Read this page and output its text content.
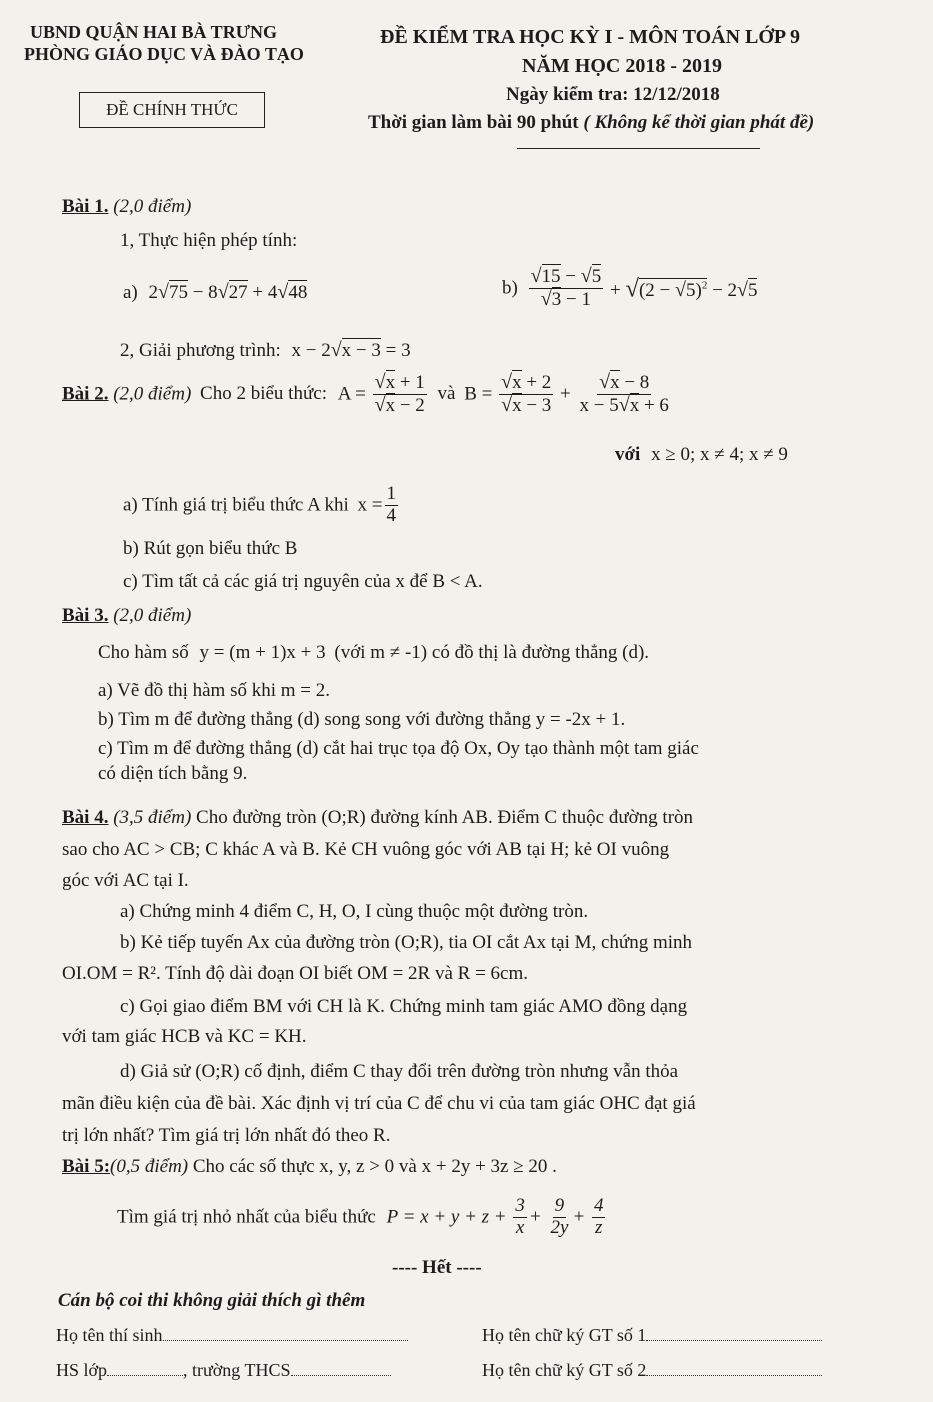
UBND QUẬN HAI BÀ TRƯNG
PHÒNG GIÁO DỤC VÀ ĐÀO TẠO
ĐỀ CHÍNH THỨC
ĐỀ KIỂM TRA HỌC KỲ I - MÔN TOÁN LỚP 9
NĂM HỌC 2018 - 2019
Ngày kiểm tra: 12/12/2018
Thời gian làm bài 90 phút ( Không kể thời gian phát đề)
Bài 1. (2,0 điểm)
1, Thực hiện phép tính:
a) 2√75 − 8√27 + 4√48	$b) \frac{√15 - √5}{√3 - 1} + √(2 - √5)^2 - 2√5$
2, Giải phương trình: x − 2√x − 3 = 3
Bài 2. (2,0 điểm) Cho 2 biểu thức: $A = \frac{√x + 1}{√x - 2}$ và $B = \frac{√x + 2}{√x - 3} + \frac{√x - 8}{x - 5√x + 6}$
với x ≥ 0; x ≠ 4; x ≠ 9
a) Tính giá trị biểu thức A khi $x = \frac{1}{4}$
b) Rút gọn biểu thức B
c) Tìm tất cả các giá trị nguyên của x để B < A.
Bài 3. (2,0 điểm)
Cho hàm số y = (m + 1)x + 3 (với m ≠ -1) có đồ thị là đường thẳng (d).
a) Vẽ đồ thị hàm số khi m = 2.
b) Tìm m để đường thẳng (d) song song với đường thẳng y = -2x + 1.
c) Tìm m để đường thẳng (d) cắt hai trục tọa độ Ox, Oy tạo thành một tam giác
có diện tích bằng 9.
Bài 4. (3,5 điểm) Cho đường tròn (O;R) đường kính AB. Điểm C thuộc đường tròn
sao cho AC > CB; C khác A và B. Kẻ CH vuông góc với AB tại H; kẻ OI vuông
góc với AC tại I.
a) Chứng minh 4 điểm C, H, O, I cùng thuộc một đường tròn.
b) Kẻ tiếp tuyến Ax của đường tròn (O;R), tia OI cắt Ax tại M, chứng minh
OI.OM = R². Tính độ dài đoạn OI biết OM = 2R và R = 6cm.
c) Gọi giao điểm BM với CH là K. Chứng minh tam giác AMO đồng dạng
với tam giác HCB và KC = KH.
d) Giả sử (O;R) cố định, điểm C thay đổi trên đường tròn nhưng vẫn thỏa
mãn điều kiện của đề bài. Xác định vị trí của C để chu vi của tam giác OHC đạt giá
trị lớn nhất? Tìm giá trị lớn nhất đó theo R.
Bài 5:(0,5 điểm) Cho các số thực x, y, z > 0 và x + 2y + 3z ≥ 20 .
Tìm giá trị nhỏ nhất của biểu thức $P = x + y + z + \frac{3}{x} + \frac{9}{2y} + \frac{4}{z}$
---- Hết ----
Cán bộ coi thi không giải thích gì thêm
Họ tên thí sinh	Họ tên chữ ký GT số 1
HS lớp	, trường THCS	Họ tên chữ ký GT số 2
